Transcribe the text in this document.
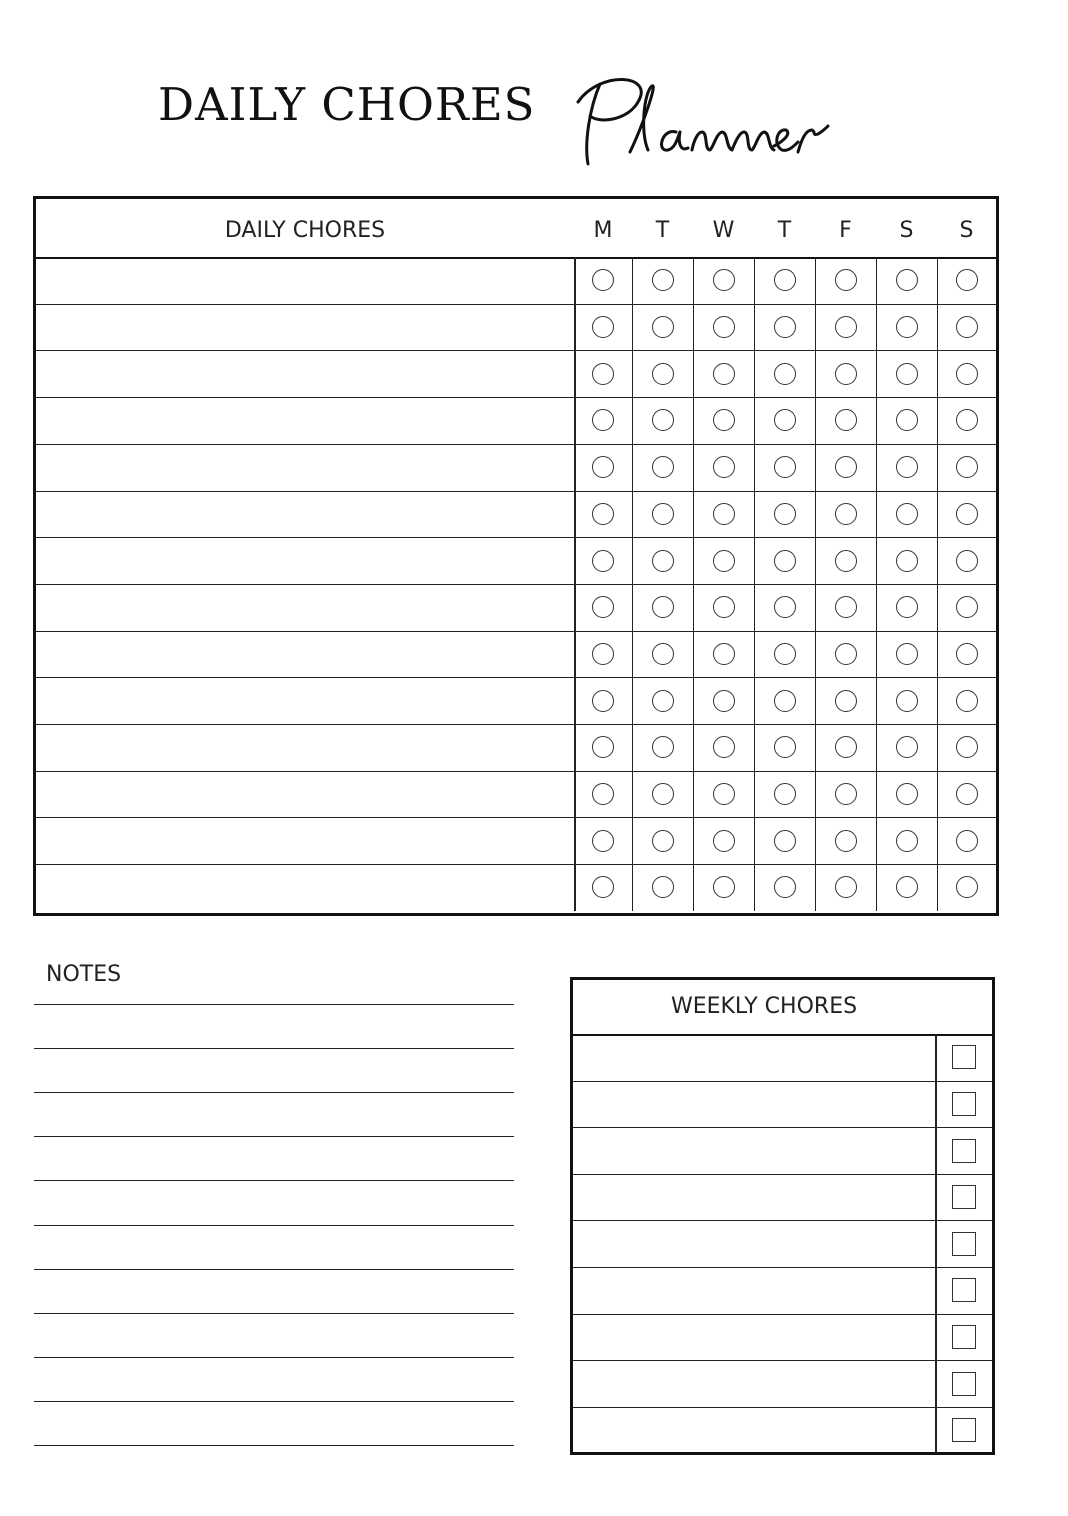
DAILY CHORES
DAILY CHORES	M	T	W	T	F	S	S
NOTES
WEEKLY CHORES
